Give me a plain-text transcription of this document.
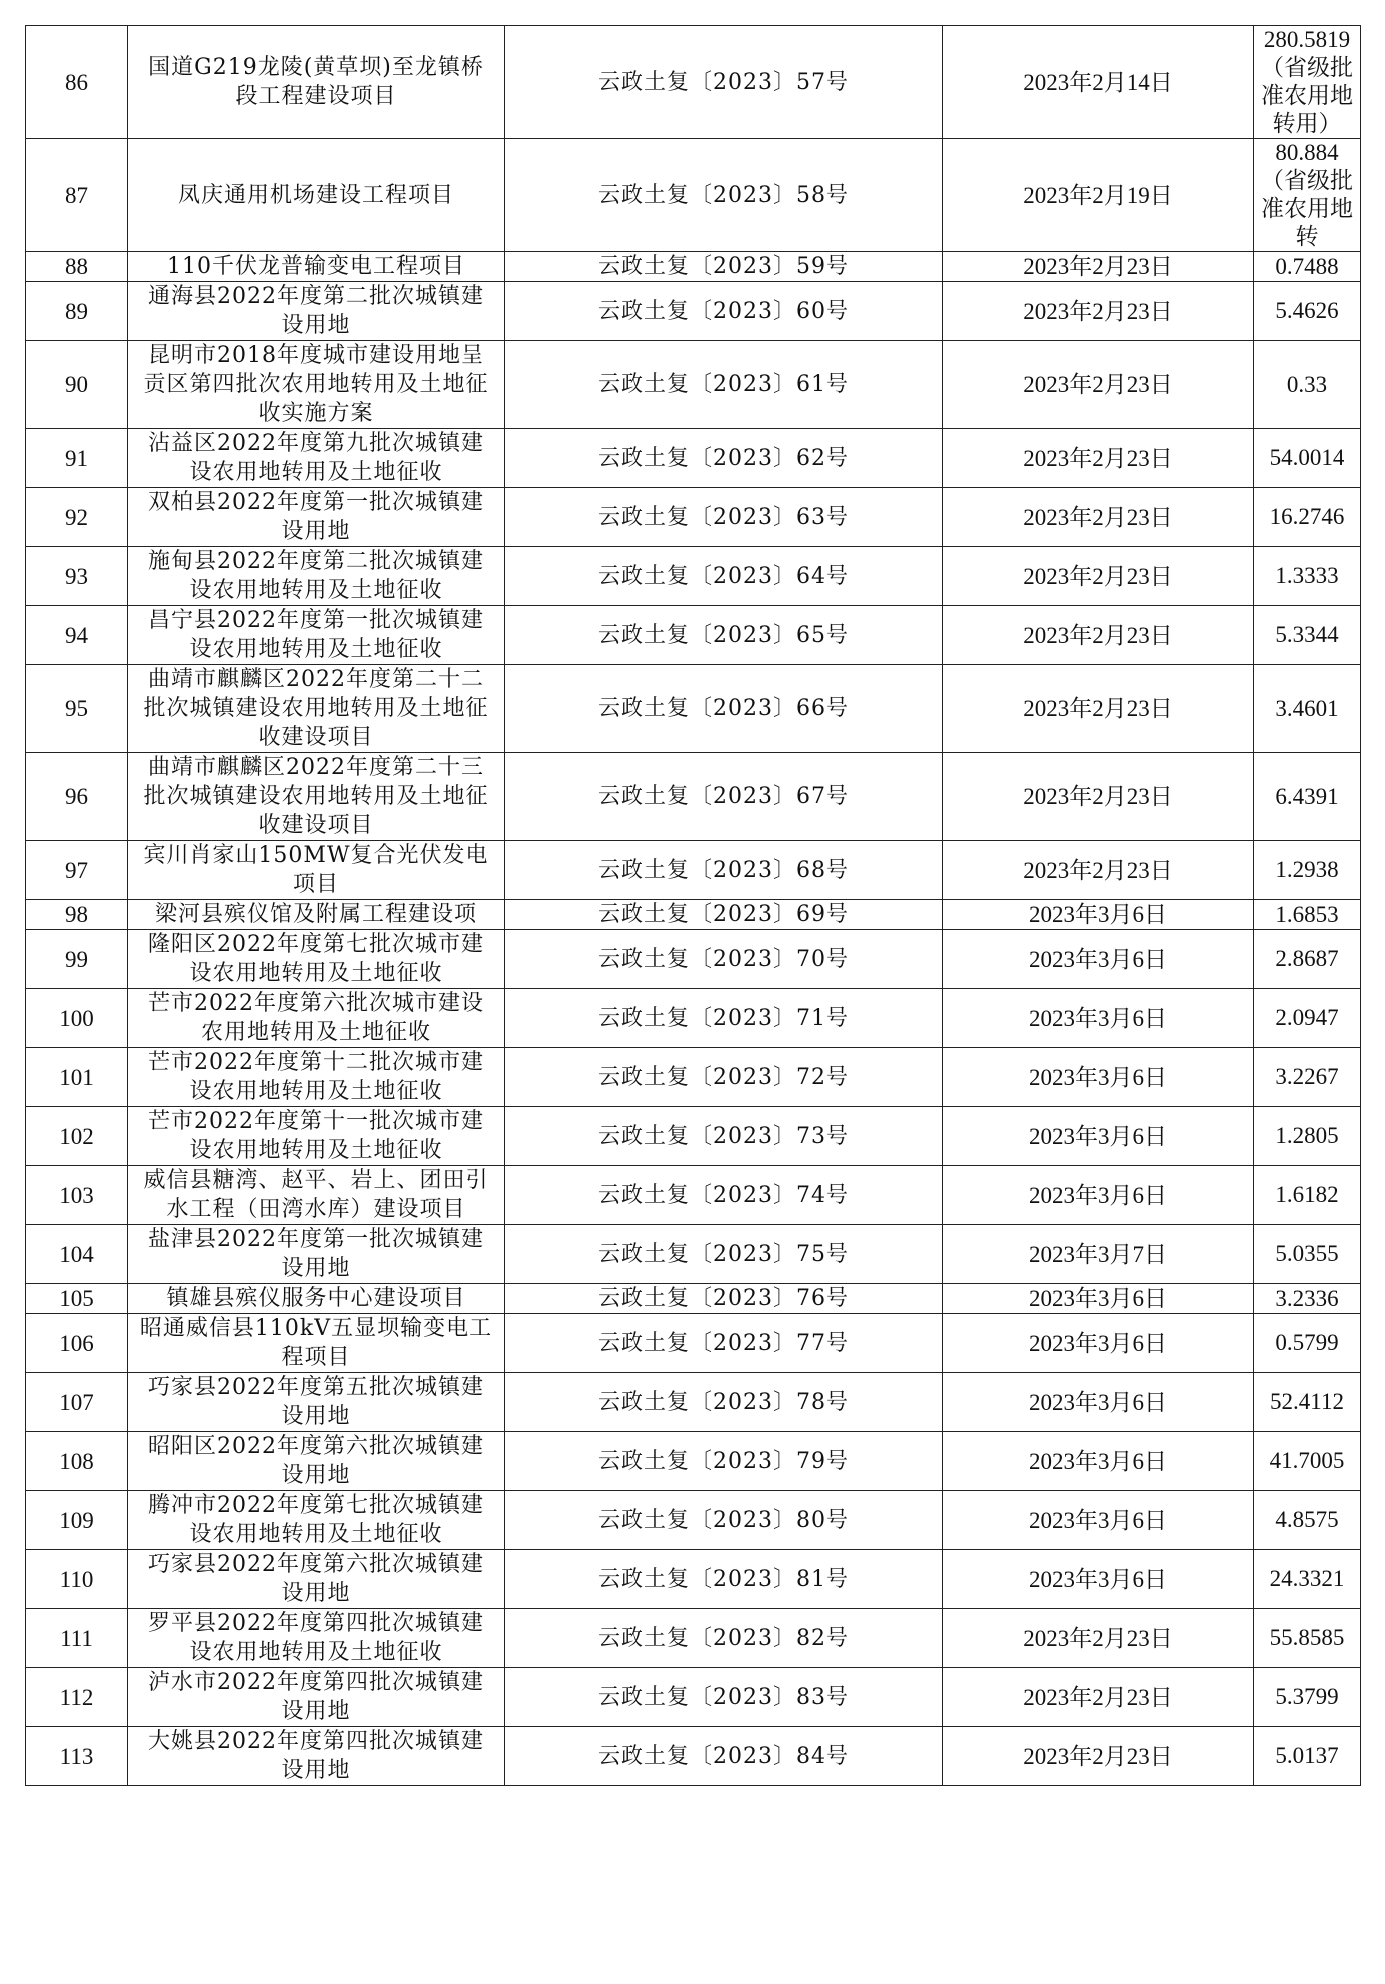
86	国道G219龙陵(黄草坝)至龙镇桥段工程建设项目	云政土复〔2023〕57号	2023年2月14日	280.5819（省级批准农用地转用）
87	凤庆通用机场建设工程项目	云政土复〔2023〕58号	2023年2月19日	80.884（省级批准农用地转
88	110千伏龙普输变电工程项目	云政土复〔2023〕59号	2023年2月23日	0.7488
89	通海县2022年度第二批次城镇建设用地	云政土复〔2023〕60号	2023年2月23日	5.4626
90	昆明市2018年度城市建设用地呈贡区第四批次农用地转用及土地征收实施方案	云政土复〔2023〕61号	2023年2月23日	0.33
91	沾益区2022年度第九批次城镇建设农用地转用及土地征收	云政土复〔2023〕62号	2023年2月23日	54.0014
92	双柏县2022年度第一批次城镇建设用地	云政土复〔2023〕63号	2023年2月23日	16.2746
93	施甸县2022年度第二批次城镇建设农用地转用及土地征收	云政土复〔2023〕64号	2023年2月23日	1.3333
94	昌宁县2022年度第一批次城镇建设农用地转用及土地征收	云政土复〔2023〕65号	2023年2月23日	5.3344
95	曲靖市麒麟区2022年度第二十二批次城镇建设农用地转用及土地征收建设项目	云政土复〔2023〕66号	2023年2月23日	3.4601
96	曲靖市麒麟区2022年度第二十三批次城镇建设农用地转用及土地征收建设项目	云政土复〔2023〕67号	2023年2月23日	6.4391
97	宾川肖家山150MW复合光伏发电项目	云政土复〔2023〕68号	2023年2月23日	1.2938
98	梁河县殡仪馆及附属工程建设项	云政土复〔2023〕69号	2023年3月6日	1.6853
99	隆阳区2022年度第七批次城市建设农用地转用及土地征收	云政土复〔2023〕70号	2023年3月6日	2.8687
100	芒市2022年度第六批次城市建设农用地转用及土地征收	云政土复〔2023〕71号	2023年3月6日	2.0947
101	芒市2022年度第十二批次城市建设农用地转用及土地征收	云政土复〔2023〕72号	2023年3月6日	3.2267
102	芒市2022年度第十一批次城市建设农用地转用及土地征收	云政土复〔2023〕73号	2023年3月6日	1.2805
103	威信县糖湾、赵平、岩上、团田引水工程（田湾水库）建设项目	云政土复〔2023〕74号	2023年3月6日	1.6182
104	盐津县2022年度第一批次城镇建设用地	云政土复〔2023〕75号	2023年3月7日	5.0355
105	镇雄县殡仪服务中心建设项目	云政土复〔2023〕76号	2023年3月6日	3.2336
106	昭通威信县110kV五显坝输变电工程项目	云政土复〔2023〕77号	2023年3月6日	0.5799
107	巧家县2022年度第五批次城镇建设用地	云政土复〔2023〕78号	2023年3月6日	52.4112
108	昭阳区2022年度第六批次城镇建设用地	云政土复〔2023〕79号	2023年3月6日	41.7005
109	腾冲市2022年度第七批次城镇建设农用地转用及土地征收	云政土复〔2023〕80号	2023年3月6日	4.8575
110	巧家县2022年度第六批次城镇建设用地	云政土复〔2023〕81号	2023年3月6日	24.3321
111	罗平县2022年度第四批次城镇建设农用地转用及土地征收	云政土复〔2023〕82号	2023年2月23日	55.8585
112	泸水市2022年度第四批次城镇建设用地	云政土复〔2023〕83号	2023年2月23日	5.3799
113	大姚县2022年度第四批次城镇建设用地	云政土复〔2023〕84号	2023年2月23日	5.0137
